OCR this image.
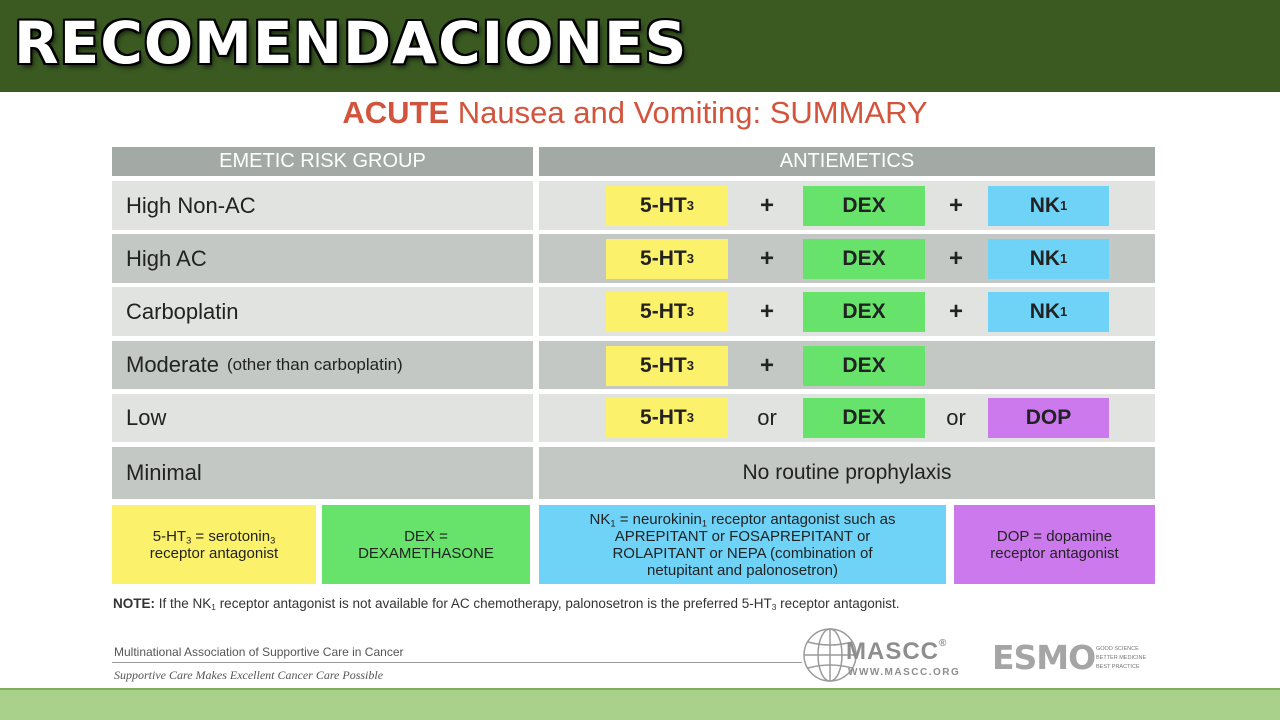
RECOMENDACIONES
ACUTE Nausea and Vomiting: SUMMARY
EMETIC RISK GROUP	ANTIEMETICS
High Non-AC	5-HT 3	+	DEX	+	NK 1
High AC	5-HT 3	+	DEX	+	NK 1
Carboplatin	5-HT 3	+	DEX	+	NK 1
Moderate (other than carboplatin)	5-HT 3	+	DEX
Low	5-HT 3	or	DEX	or	DOP
Minimal	No routine prophylaxis
$5-HT_3$ = serotonin$_3$
receptor antagonist
DEX =
DEXAMETHASONE
$NK_1$ = neurokinin$_1$ receptor antagonist such as
APREPITANT or FOSAPREPITANT or
ROLAPITANT or NEPA (combination of
netupitant and palonosetron)
DOP = dopamine
receptor antagonist
NOTE: If the $NK_1$ receptor antagonist is not available for AC chemotherapy, palonosetron is the preferred $5-HT_3$ receptor antagonist.
Multinational Association of Supportive Care in Cancer
Supportive Care Makes Excellent Cancer Care Possible
MASCC®
WWW.MASCC.ORG ESMO GOOD SCIENCE
BETTER MEDICINE
BEST PRACTICE
